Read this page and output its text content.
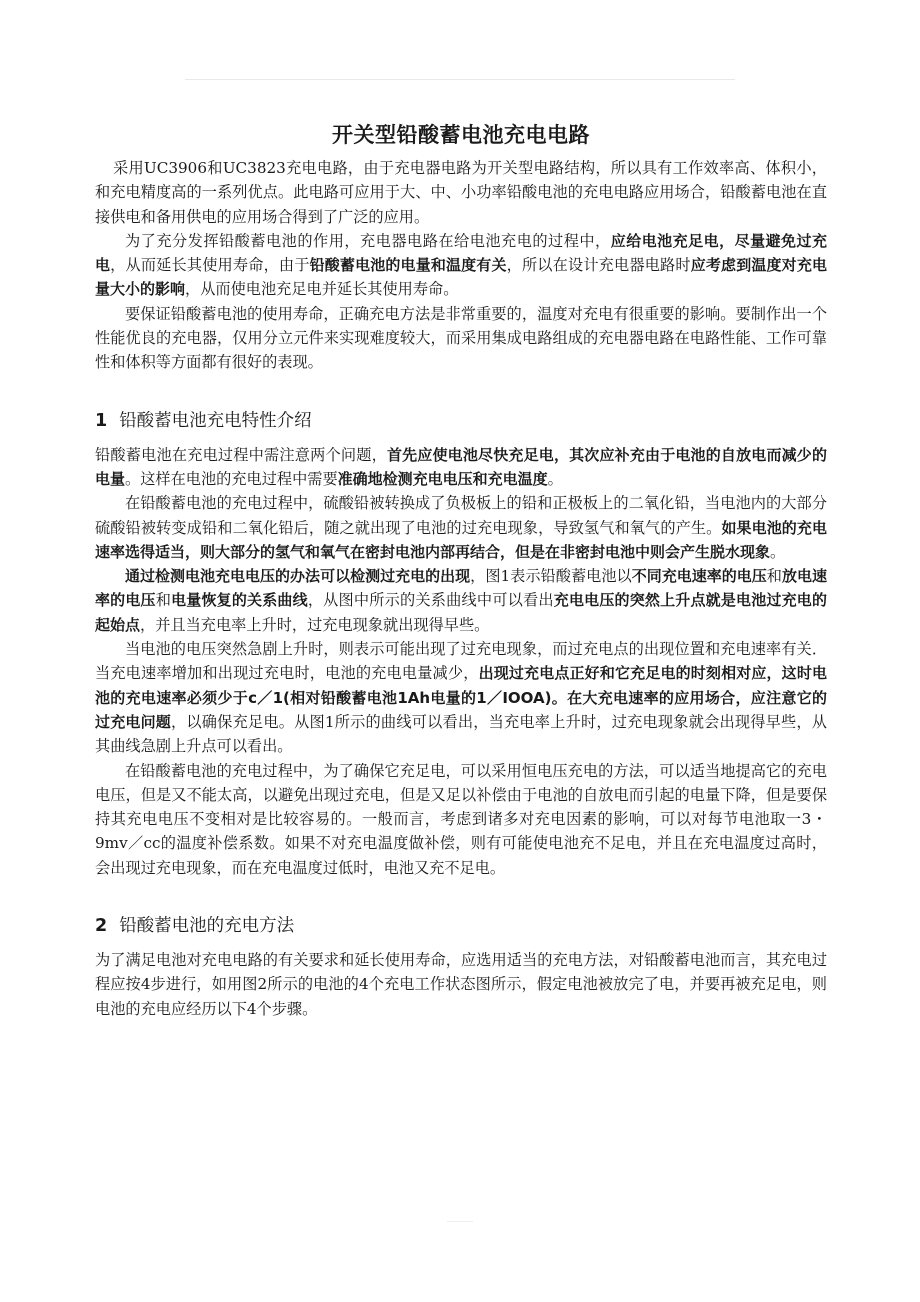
开关型铅酸蓄电池充电电路

采用UC3906和UC3823充电电路，由于充电器电路为开关型电路结构，所以具有工作效率高、体积小，和充电精度高的一系列优点。此电路可应用于大、中、小功率铅酸电池的充电电路应用场合，铅酸蓄电池在直接供电和备用供电的应用场合得到了广泛的应用。

为了充分发挥铅酸蓄电池的作用，充电器电路在给电池充电的过程中，应给电池充足电，尽量避免过充电，从而延长其使用寿命，由于铅酸蓄电池的电量和温度有关，所以在设计充电器电路时应考虑到温度对充电量大小的影响，从而使电池充足电并延长其使用寿命。

要保证铅酸蓄电池的使用寿命，正确充电方法是非常重要的，温度对充电有很重要的影响。要制作出一个性能优良的充电器，仅用分立元件来实现难度较大，而采用集成电路组成的充电器电路在电路性能、工作可靠性和体积等方面都有很好的表现。

1 铅酸蓄电池充电特性介绍

铅酸蓄电池在充电过程中需注意两个问题，首先应使电池尽快充足电，其次应补充由于电池的自放电而减少的电量。这样在电池的充电过程中需要准确地检测充电电压和充电温度。

在铅酸蓄电池的充电过程中，硫酸铅被转换成了负极板上的铅和正极板上的二氧化铅，当电池内的大部分硫酸铅被转变成铅和二氧化铅后，随之就出现了电池的过充电现象，导致氢气和氧气的产生。如果电池的充电速率选得适当，则大部分的氢气和氧气在密封电池内部再结合，但是在非密封电池中则会产生脱水现象。

通过检测电池充电电压的办法可以检测过充电的出现，图1表示铅酸蓄电池以不同充电速率的电压和放电速率的电压和电量恢复的关系曲线，从图中所示的关系曲线中可以看出充电电压的突然上升点就是电池过充电的起始点，并且当充电率上升时，过充电现象就出现得早些。

当电池的电压突然急剧上升时，则表示可能出现了过充电现象，而过充电点的出现位置和充电速率有关．当充电速率增加和出现过充电时，电池的充电电量减少，出现过充电点正好和它充足电的时刻相对应，这时电池的充电速率必须少于c／1(相对铅酸蓄电池1Ah电量的1／IOOA)。在大充电速率的应用场合，应注意它的过充电问题，以确保充足电。从图1所示的曲线可以看出，当充电率上升时，过充电现象就会出现得早些，从其曲线急剧上升点可以看出。

在铅酸蓄电池的充电过程中，为了确保它充足电，可以采用恒电压充电的方法，可以适当地提高它的充电电压，但是又不能太高，以避免出现过充电，但是又足以补偿由于电池的自放电而引起的电量下降，但是要保持其充电电压不变相对是比较容易的。一般而言，考虑到诸多对充电因素的影响，可以对每节电池取一3・9mv／cc的温度补偿系数。如果不对充电温度做补偿，则有可能使电池充不足电，并且在充电温度过高时，会出现过充电现象，而在充电温度过低时，电池又充不足电。

2 铅酸蓄电池的充电方法

为了满足电池对充电电路的有关要求和延长使用寿命，应选用适当的充电方法，对铅酸蓄电池而言，其充电过程应按4步进行，如用图2所示的电池的4个充电工作状态图所示，假定电池被放完了电，并要再被充足电，则电池的充电应经历以下4个步骤。
